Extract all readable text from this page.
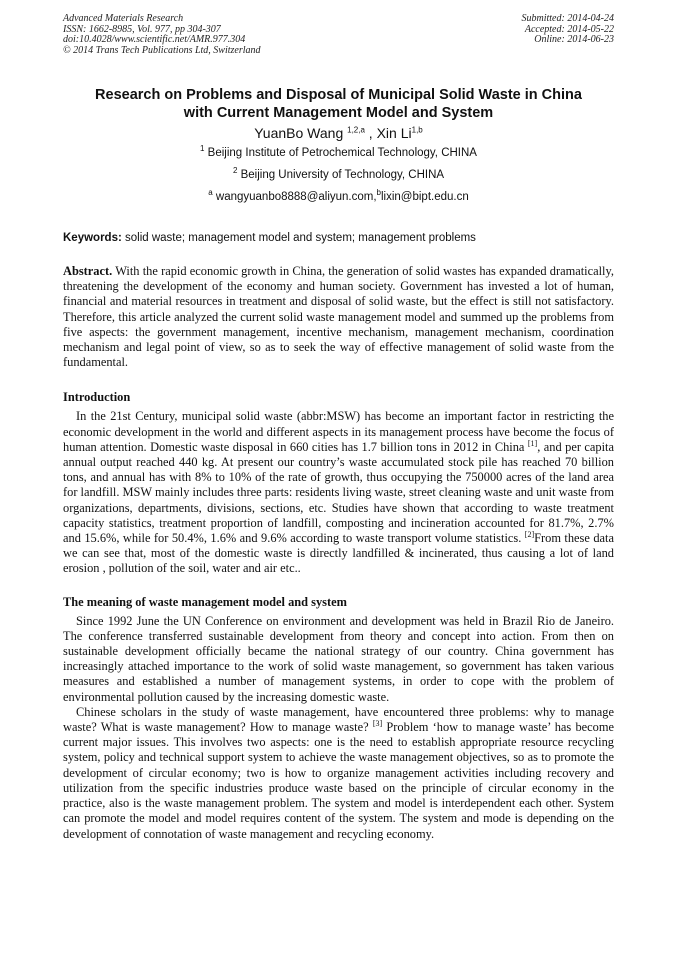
Advanced Materials Research
ISSN: 1662-8985, Vol. 977, pp 304-307
doi:10.4028/www.scientific.net/AMR.977.304
© 2014 Trans Tech Publications Ltd, Switzerland
Submitted: 2014-04-24
Accepted: 2014-05-22
Online: 2014-06-23
Research on Problems and Disposal of Municipal Solid Waste in China
with Current Management Model and System
YuanBo Wang $^{1,2,a}$ , Xin Li$^{1,b}$
$^1$ Beijing Institute of Petrochemical Technology, CHINA
$^2$ Beijing University of Technology, CHINA
$^a$ wangyuanbo8888@aliyun.com,$^b$lixin@bipt.edu.cn
Keywords: solid waste; management model and system; management problems

Abstract. With the rapid economic growth in China, the generation of solid wastes has expanded dramatically, threatening the development of the economy and human society. Government has invested a lot of human, financial and material resources in treatment and disposal of solid waste, but the effect is still not satisfactory. Therefore, this article analyzed the current solid waste management model and summed up the problems from five aspects: the government management, incentive mechanism, management mechanism, coordination mechanism and legal point of view, so as to seek the way of effective management of solid waste from the fundamental.

Introduction

In the 21st Century, municipal solid waste (abbr:MSW) has become an important factor in restricting the economic development in the world and different aspects in its management process have become the focus of human attention. Domestic waste disposal in 660 cities has 1.7 billion tons in 2012 in China [1], and per capita annual output reached 440 kg. At present our country’s waste accumulated stock pile has reached 70 billion tons, and annual has with 8% to 10% of the rate of growth, thus occupying the 750000 acres of the land area for landfill. MSW mainly includes three parts: residents living waste, street cleaning waste and unit waste from organizations, departments, divisions, sections, etc. Studies have shown that according to waste treatment capacity statistics, treatment proportion of landfill, composting and incineration accounted for 81.7%, 2.7% and 15.6%, while for 50.4%, 1.6% and 9.6% according to waste transport volume statistics. [2]From these data we can see that, most of the domestic waste is directly landfilled & incinerated, thus causing a lot of land erosion , pollution of the soil, water and air etc..

The meaning of waste management model and system

Since 1992 June the UN Conference on environment and development was held in Brazil Rio de Janeiro. The conference transferred sustainable development from theory and concept into action. From then on sustainable development officially became the national strategy of our country. China government has increasingly attached importance to the work of solid waste management, so government has taken various measures and established a number of management systems, in order to cope with the problem of environmental pollution caused by the increasing domestic waste.

Chinese scholars in the study of waste management, have encountered three problems: why to manage waste? What is waste management? How to manage waste? [3] Problem ‘how to manage waste’ has become current major issues. This involves two aspects: one is the need to establish appropriate resource recycling system, policy and technical support system to achieve the waste management objectives, so as to promote the development of circular economy; two is how to organize management activities including recovery and utilization from the specific industries produce waste based on the principle of circular economy in the practice, also is the waste management problem. The system and model is interdependent each other. System can promote the model and model requires content of the system. The system and mode is depending on the development of connotation of waste management and recycling economy.
